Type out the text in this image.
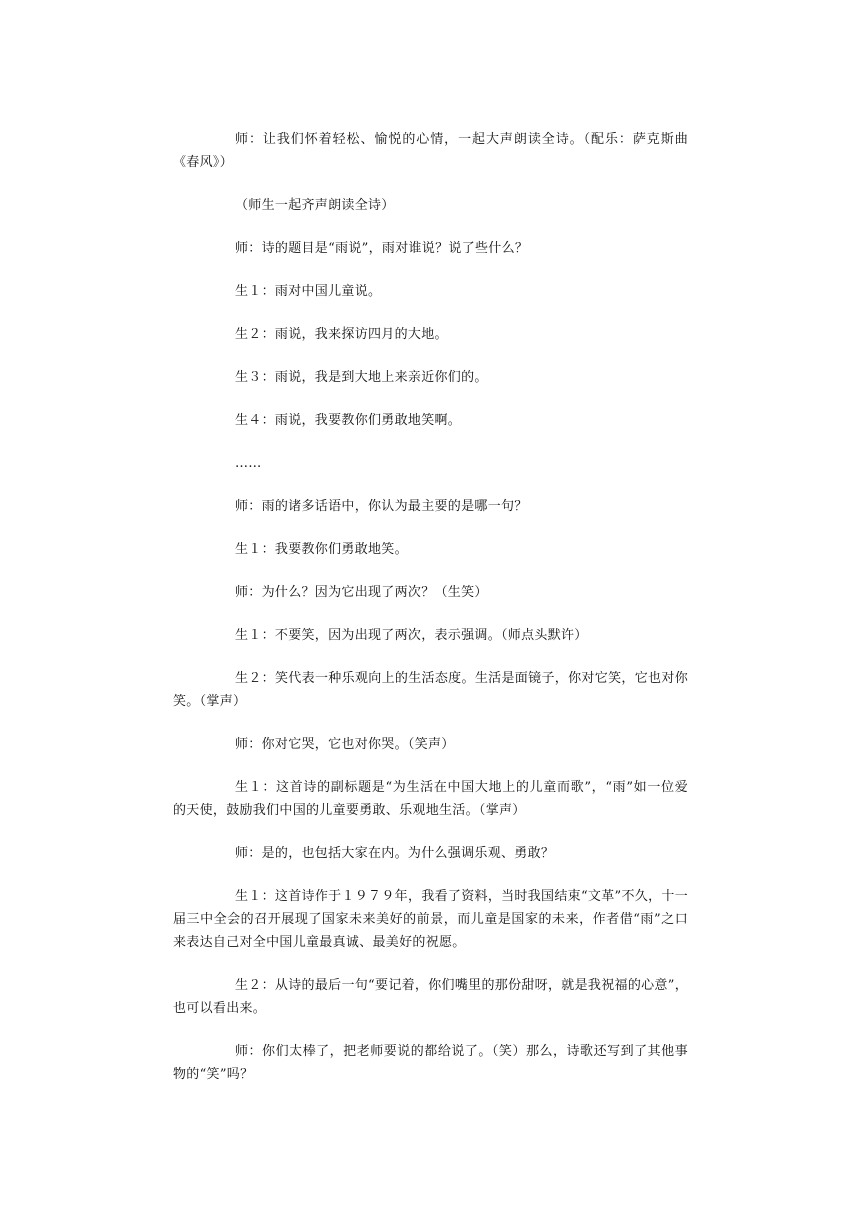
师：让我们怀着轻松、愉悦的心情，一起大声朗读全诗。（配乐：萨克斯曲《春风》）

（师生一起齐声朗读全诗）

师：诗的题目是“雨说”，雨对谁说？说了些什么？

生１：雨对中国儿童说。

生２：雨说，我来探访四月的大地。

生３：雨说，我是到大地上来亲近你们的。

生４：雨说，我要教你们勇敢地笑啊。

……

师：雨的诸多话语中，你认为最主要的是哪一句？

生１：我要教你们勇敢地笑。

师：为什么？因为它出现了两次？（生笑）

生１：不要笑，因为出现了两次，表示强调。（师点头默许）

生２：笑代表一种乐观向上的生活态度。生活是面镜子，你对它笑，它也对你笑。（掌声）

师：你对它哭，它也对你哭。（笑声）

生１：这首诗的副标题是“为生活在中国大地上的儿童而歌”，“雨”如一位爱的天使，鼓励我们中国的儿童要勇敢、乐观地生活。（掌声）

师：是的，也包括大家在内。为什么强调乐观、勇敢？

生１：这首诗作于１９７９年，我看了资料，当时我国结束“文革”不久，十一届三中全会的召开展现了国家未来美好的前景，而儿童是国家的未来，作者借“雨”之口来表达自己对全中国儿童最真诚、最美好的祝愿。

生２：从诗的最后一句“要记着，你们嘴里的那份甜呀，就是我祝福的心意”，也可以看出来。

师：你们太棒了，把老师要说的都给说了。（笑）那么，诗歌还写到了其他事物的“笑”吗？
